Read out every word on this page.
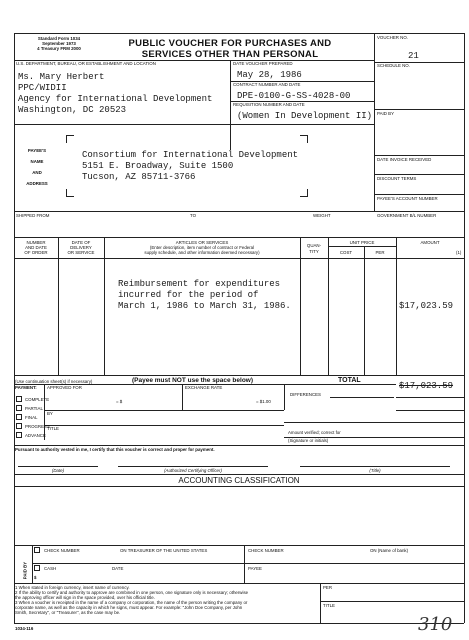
Standard Form 1034
September 1973
4 Treasury FRM 2000	PUBLIC VOUCHER FOR PURCHASES AND
SERVICES OTHER THAN PERSONAL
VOUCHER NO.
21
U.S. DEPARTMENT, BUREAU, OR ESTABLISHMENT AND LOCATION	DATE VOUCHER PREPARED
May 28, 1986
SCHEDULE NO.
Ms. Mary Herbert
PPC/WIDII
Agency for International Development
Washington, DC 20523
CONTRACT NUMBER AND DATE
DPE-0100-G-SS-4028-00
PAID BY
REQUISITION NUMBER AND DATE
(Women In Development II)
PAYEE'S
NAME
AND
ADDRESS
Consortium for International Development
5151 E. Broadway, Suite 1500
Tucson, AZ 85711-3766
DATE INVOICE RECEIVED
DISCOUNT TERMS
PAYEE'S ACCOUNT NUMBER
SHIPPED FROM	TO	WEIGHT	GOVERNMENT B/L NUMBER
NUMBER
AND DATE
OF ORDER
DATE OF
DELIVERY
OR SERVICE
ARTICLES OR SERVICES
(Enter description, item number of contract or Federal
supply schedule, and other information deemed necessary)
QUAN-
TITY
UNIT PRICE
COST	PER
AMOUNT
(1)
Reimbursement for expenditures
incurred for the period of
March 1, 1986 to March 31, 1986.	$17,023.59
(Use continuation sheet(s) if necessary)	(Payee must NOT use the space below)	TOTAL
$17,023.59
PAYMENT: APPROVED FOR	EXCHANGE RATE
= $	= $1.00
DIFFERENCES
BY
TITLE
COMPLETE
PARTIAL
FINAL
PROGRESS
ADVANCE
Amount verified; correct for
(Signature or initials)
Pursuant to authority vested in me, I certify that this voucher is correct and proper for payment.
(Date)	(Authorized Certifying Officer)	(Title)
ACCOUNTING CLASSIFICATION
PAID BY
CHECK NUMBER	ON TREASURER OF THE UNITED STATES	CHECK NUMBER	ON (Name of bank)
CASH	DATE	PAYEE
$
1 When stated in foreign currency, insert name of currency.
2 If the ability to certify and authority to approve are combined in one person, one signature only is necessary; otherwise
the approving officer will sign in the space provided, over his official title.
3 When a voucher is receipted in the name of a company or corporation, the name of the person writing the company or
corporate name, as well as the capacity in which he signs, must appear. For example: "John Doe Company, per John
Smith, Secretary", or "Treasurer", as the case may be.
PER
TITLE
1034-116	310
